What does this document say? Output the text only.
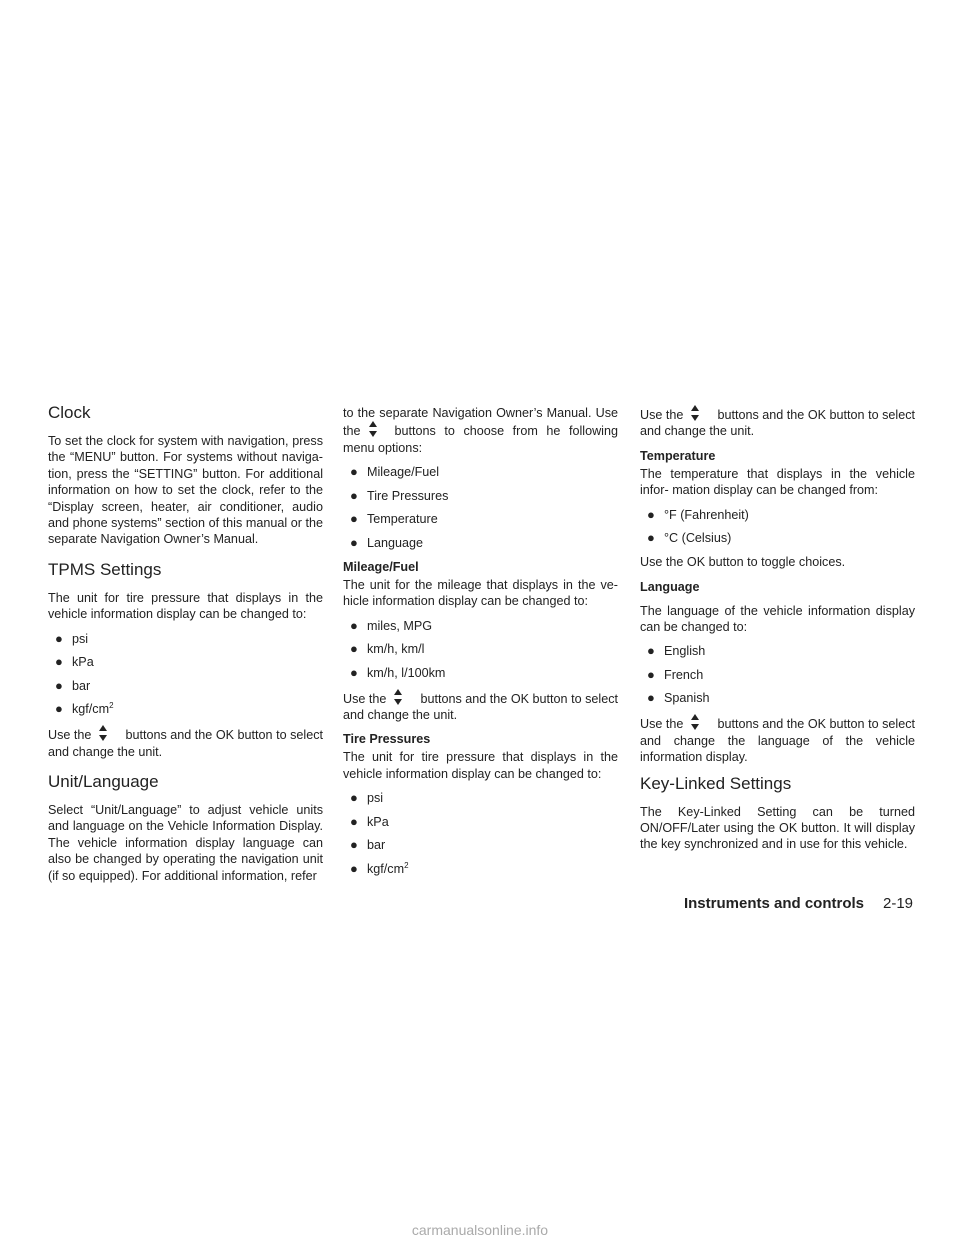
Clock

To set the clock for system with navigation, press the “MENU” button. For systems without naviga- tion, press the “SETTING” button. For additional information on how to set the clock, refer to the “Display screen, heater, air conditioner, audio and phone systems” section of this manual or the separate Navigation Owner’s Manual.

TPMS Settings

The unit for tire pressure that displays in the vehicle information display can be changed to:

● psi
● kPa
● bar
● kgf/$cm^2$

Use the	buttons and the OK button to select and change the unit.

Unit/Language

Select “Unit/Language” to adjust vehicle units and language on the Vehicle Information Display. The vehicle information display language can also be changed by operating the navigation unit (if so equipped). For additional information, refer

to the separate Navigation Owner’s Manual. Use the	buttons to choose from he following menu options:

● Mileage/Fuel
● Tire Pressures
● Temperature
● Language
Mileage/Fuel

The unit for the mileage that displays in the ve- hicle information display can be changed to:

● miles, MPG
● km/h, km/l
● km/h, l/100km

Use the	buttons and the OK button to select and change the unit.

Tire Pressures

The unit for tire pressure that displays in the vehicle information display can be changed to:

● psi
● kPa
● bar
● kgf/$cm^2$

Use the	buttons and the OK button to select and change the unit.

Temperature

The temperature that displays in the vehicle infor- mation display can be changed from:

● °F (Fahrenheit)
● °C (Celsius)

Use the OK button to toggle choices.

Language

The language of the vehicle information display can be changed to:

● English
● French
● Spanish

Use the	buttons and the OK button to select and change the language of the vehicle information display.

Key-Linked Settings

The Key-Linked Setting can be turned ON/OFF/Later using the OK button. It will display the key synchronized and in use for this vehicle.

Instruments and controls 2-19
carmanualsonline.info
